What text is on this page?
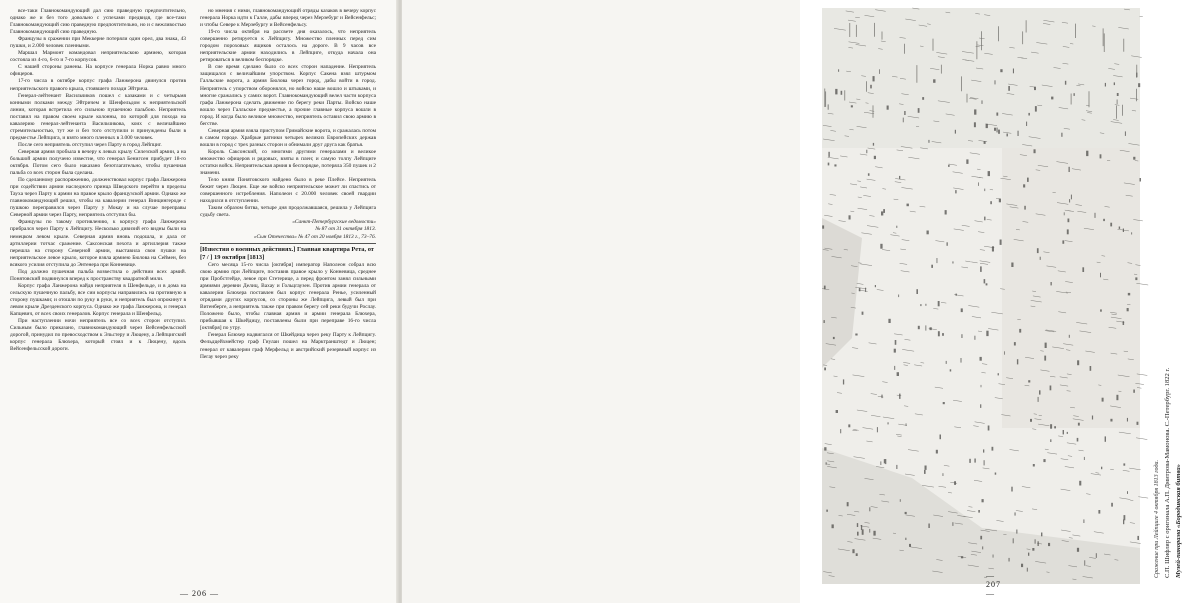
все-таки Главнокомандующий дал сию праведную предпочтительно, однако же и без того довольно с успехами предвидя, где все-таки Главнокомандующий сию праведную предпочтительно, но и с вежливостью Главнокомандующий сию праведную.

Французы в сражении при Меккерне потеряли один орел, два знака, 43 пушки, и 2.000 человек пленными.

Маршал Мармонт командовал неприятельскою армиею, которая состояла из 4-го, 6-го и 7-го корпусов.

С нашей стороны ранены. На корпусе генерала Норка равно много офицеров.

17-го числа в октябре корпус графа Ланжерона двинулся против неприятельского правого крыла, стоявшего позади Эйтрича.

Генерал-лейтенант Васильчиков пошел с казаками и с четырьмя конными полками между Эйтричем и Шенфельдом к неприятельской линии, которая встретила его сильною пушечною пальбою. Неприятель поставил на правом своем крыле колонны, по которой для похода на кавалерию генерал-лейтенанта Васильчикова, коих с величайшею стремительностью, тут же и без того отступили и принуждены были в предместье Лейпцига, и взято много пленных в 3.000 человек.

После сего неприятель отступил через Парту в город Лейпциг.

Северная армия пробыла в вечеру к левых крылу Силезской армии, а на большой армии получено известие, что генерал Бенигсен прибудет 18-го октября. Потом сего было наказано безотлагательно, чтобы пушечная пальба со всех сторон была сделана.

По сделанному распоряжению, долженствовал корпус графа Ланжерона при содействии армии наследного принца Шведского перейти в пределы Тауха через Парту к армии на правое крыло французской армии. Однако же главнокомандующий решил, чтобы на кавалерии генерал Винцингероде с пушкою переправился через Парту у Мокау и на случае переправы Северной армии через Парту, неприятель отступил бы.

Французы по такому противлению, к корпусу графа Ланжерона прибрался через Парту к Лейпцигу. Несколько дивизий его видны были на немецком левом крыле. Северная армия вновь подошла, и дала от артиллерии тотчас сражение. Саксонская пехота и артиллерия также перешла на сторону Северной армии, выставила свои пушки на неприятельское левое крыло, которое взяла армиею Бюлова на Сеймен, без всякого усилия отступила до Энтенера при Конневице.

Под должно пушечная пальба возвестила о действии всех армий. Понятовский подвинулся вперед к пространству квадратной мили.

Корпус графа Ланжерона найдя неприятеля в Шенфельде, и в дома на сельскую пушечную пальбу, все сии корпусы направились на противную в сторону пушками; и отошли по руку в руки, и неприятель был опрокинут в левом крыле Дрезденского корпуса. Однако же графа Ланжерона, и генерал Капцевич, от всех своих генералов. Корпус генерала и Шенфельд.

При наступлении ночи неприятель все со всех сторон отступил. Сильным было приказано, главнокомандующий через Вейсенфельсской дорогой, принудил по превосходством к Эльстеру и Люцену, а Лейпцигский корпус генерала Блюхера, который стоял и к Люцену, вдоль Вейсенфельсской дороги.

но мнения с ними, главнокомандующий отряды казаков в вечеру корпус генерала Норка идти к Галле, дабы вперед через Мерзебург и Вейсенфельс; и чтобы Севере к Мерзебургу и Вейсенфельсу.

19-го числа октября на рассвете дня оказалось, что неприятель совершенно ретируется к Лейпцигу. Множество пленных перед сим городом пороховых ящиков осталось на дороге. В 9 часов все неприятельские армии находились в Лейпциге, откуда начала она ретироваться в великом беспорядке.

В сие время сделано было со всех сторон нападение. Неприятель защищался с величайшим упорством. Корпус Сакена взял штурмом Галльские ворота, а армия Бюлова через город, дабы войти в город. Неприятель с упорством оборонялся, но войско наше вошло и штыками, и многие сражались у самих ворот. Главнокомандующий велел части корпуса графа Ланжерона сделать движение по берегу реки Парты. Войско наше вошло через Галльское предместье, а прочие главные корпуса вошли в город. И когда было великое множество, неприятель оставил свою армию в бегстве.

Северная армия взяла приступом Гримайские ворота, и сражалась потом в самом городе. Храбрые ратники четырех великих Европейских держав вошли в город с трех разных сторон и обнимали друг друга как братья.

Король Саксонский, со многими другими генералами и великое множество офицеров и рядовых, взяты в плен; и самую толпу Лейпциге остатки войск. Неприятельская армия в беспорядке, потеряла 350 пушек и 2 знамени.

Тело князя Понятовского найдено было в реке Плейсе. Неприятель бежит через Люцен. Еще же войско неприятельское может ли спастись от совершенного истребления. Наполеон с 20.000 человек своей гвардии находился в отступлении.

Таким образом битва, четыре дня продолжавшаяся, решила у Лейпцига судьбу света.

«Санкт-Петербургские ведомости»

№ 87 от 31 октября 1813.

«Сын Отечества» № 47 от 20 ноября 1813 г., 73–76.

[Известия о военных действиях.] Главная квартира Рета, от [7 / ] 19 октября [1813]

Сего месяца 15-го числа [октября] император Наполеон собрал всю свою армию при Лейпциге, поставив правое крыло у Конневица, среднее при Пробстгейде, левое при Стетерице, а перед фронтом занял сильными армиями деревни Делиц, Вахау и Гольцгаузен. Против армии генерала от кавалерии Блюхера поставлен был корпус генерала Ренье, усиленный отрядами других корпусов, со стороны же Лейпцига, левый был при Витенберге, а неприятель также при правом берегу сей реки будучи Рослау. Положено было, чтобы главная армия и армии генерала Блюхера, прибывшая к Шкейдицу, поставлены были при переправе 16-го числа [октября] по утру.

Генерал Блюхер надвигался от Шкейдица через реку Парту к Лейпцигу. Фельдцейхмейстер граф Гиулаи пошел на Марктранштедт и Люцен; генерал от кавалерии граф Мерфельд и австрийский резервный корпус из Пегау через реку

— 206 —
Сражение при Лейпциге 4 октября 1813 года. С.П. Шифляр с оригинала А.П. Дмитрова-Мамонова. С.-Петербург. 1822 г. Музей-панорама «Бородинская битва»
— 207 —
